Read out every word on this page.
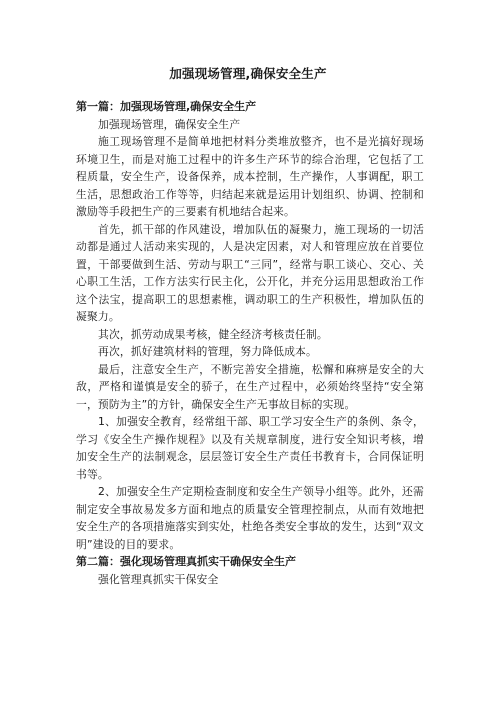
加强现场管理,确保安全生产

第一篇：加强现场管理,确保安全生产

加强现场管理，确保安全生产

施工现场管理不是简单地把材料分类堆放整齐，也不是光搞好现场环境卫生，而是对施工过程中的许多生产环节的综合治理，它包括了工程质量，安全生产，设备保养，成本控制，生产操作，人事调配，职工生活，思想政治工作等等，归结起来就是运用计划组织、协调、控制和激励等手段把生产的三要素有机地结合起来。

首先，抓干部的作风建设，增加队伍的凝聚力，施工现场的一切活动都是通过人活动来实现的，人是决定因素，对人和管理应放在首要位置，干部要做到生活、劳动与职工“三同”，经常与职工谈心、交心、关心职工生活，工作方法实行民主化，公开化，并充分运用思想政治工作这个法宝，提高职工的思想素椎，调动职工的生产积极性，增加队伍的凝聚力。

其次，抓劳动成果考核，健全经济考核责任制。

再次，抓好建筑材料的管理，努力降低成本。

最后，注意安全生产，不断完善安全措施，松懈和麻痹是安全的大敌，严格和谨慎是安全的骄子，在生产过程中，必须始终坚持“安全第一，预防为主”的方针，确保安全生产无事故目标的实现。

1、加强安全教育，经常组干部、职工学习安全生产的条例、条令，学习《安全生产操作规程》以及有关规章制度，进行安全知识考核，增加安全生产的法制观念，层层签订安全生产责任书教育卡，合同保证明书等。

2、加强安全生产定期检查制度和安全生产领导小组等。此外，还需制定安全事故易发多方面和地点的质量安全管理控制点，从而有效地把安全生产的各项措施落实到实处，杜绝各类安全事故的发生，达到“双文明”建设的目的要求。

第二篇：强化现场管理真抓实干确保安全生产

强化管理真抓实干保安全
